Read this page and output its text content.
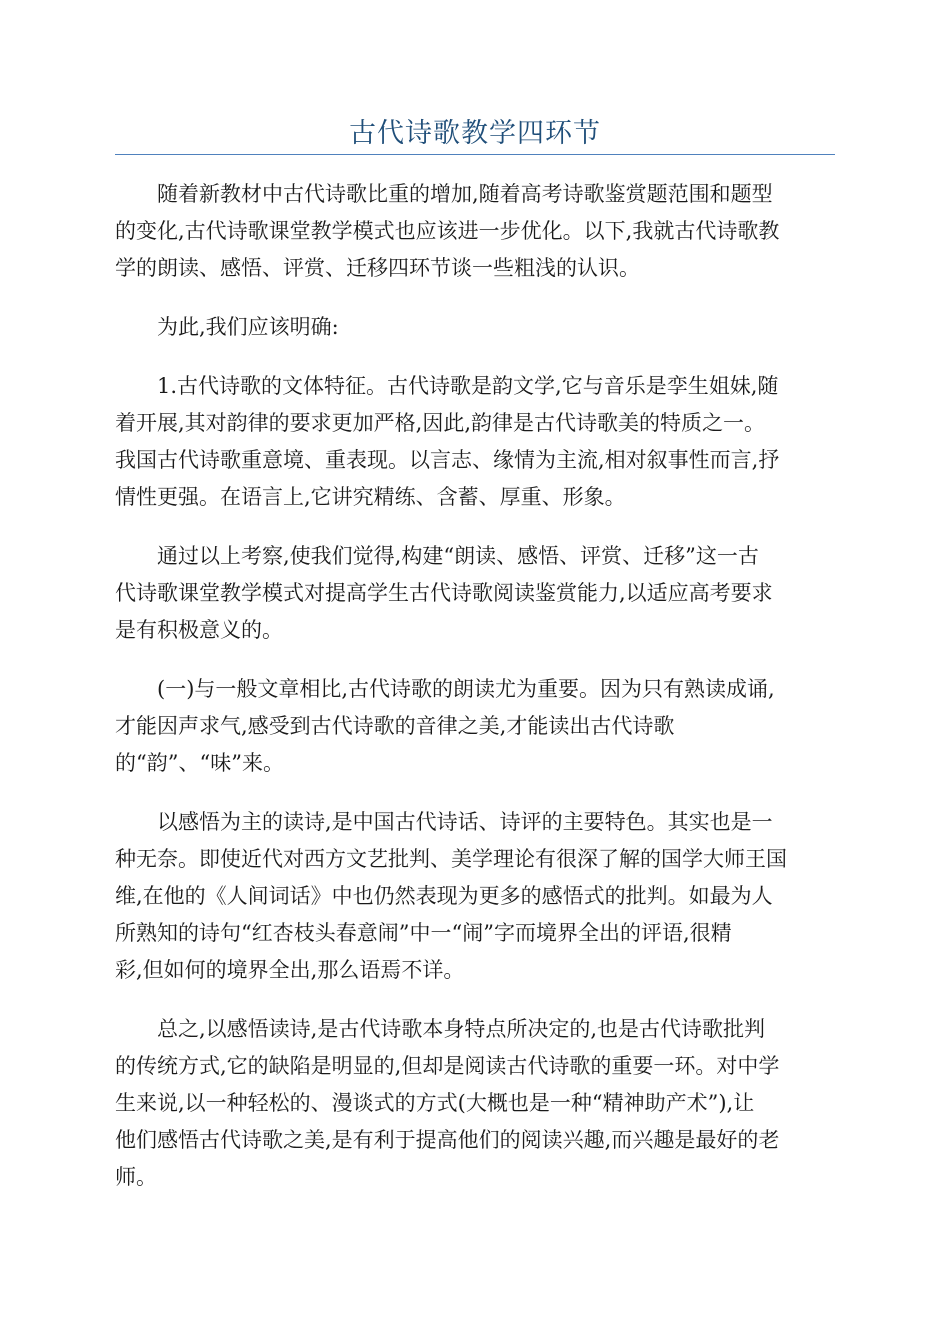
古代诗歌教学四环节
随着新教材中古代诗歌比重的增加,随着高考诗歌鉴赏题范围和题型
的变化,古代诗歌课堂教学模式也应该进一步优化。以下,我就古代诗歌教
学的朗读、感悟、评赏、迁移四环节谈一些粗浅的认识。
为此,我们应该明确:
1.古代诗歌的文体特征。古代诗歌是韵文学,它与音乐是孪生姐妹,随
着开展,其对韵律的要求更加严格,因此,韵律是古代诗歌美的特质之一。
我国古代诗歌重意境、重表现。以言志、缘情为主流,相对叙事性而言,抒
情性更强。在语言上,它讲究精练、含蓄、厚重、形象。
通过以上考察,使我们觉得,构建“朗读、感悟、评赏、迁移”这一古
代诗歌课堂教学模式对提高学生古代诗歌阅读鉴赏能力,以适应高考要求
是有积极意义的。
(一)与一般文章相比,古代诗歌的朗读尤为重要。因为只有熟读成诵,
才能因声求气,感受到古代诗歌的音律之美,才能读出古代诗歌
的“韵”、“味”来。
以感悟为主的读诗,是中国古代诗话、诗评的主要特色。其实也是一
种无奈。即使近代对西方文艺批判、美学理论有很深了解的国学大师王国
维,在他的《人间词话》中也仍然表现为更多的感悟式的批判。如最为人
所熟知的诗句“红杏枝头春意闹”中一“闹”字而境界全出的评语,很精
彩,但如何的境界全出,那么语焉不详。
总之,以感悟读诗,是古代诗歌本身特点所决定的,也是古代诗歌批判
的传统方式,它的缺陷是明显的,但却是阅读古代诗歌的重要一环。对中学
生来说,以一种轻松的、漫谈式的方式(大概也是一种“精神助产术”),让
他们感悟古代诗歌之美,是有利于提高他们的阅读兴趣,而兴趣是最好的老
师。
